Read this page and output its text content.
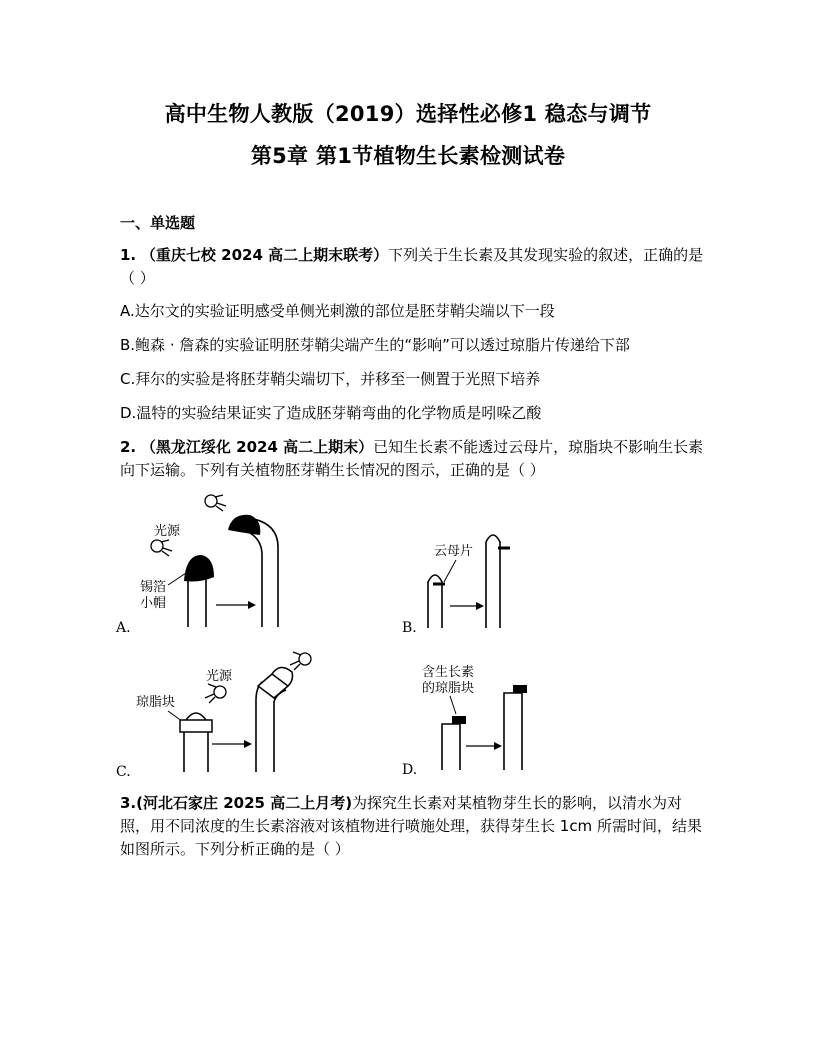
高中生物人教版（2019）选择性必修1 稳态与调节
第5章 第1节植物生长素检测试卷
一、单选题
1. （重庆七校 2024 高二上期末联考）下列关于生长素及其发现实验的叙述，正确的是（ ）
A.达尔文的实验证明感受单侧光刺激的部位是胚芽鞘尖端以下一段
B.鲍森 · 詹森的实验证明胚芽鞘尖端产生的“影响”可以透过琼脂片传递给下部
C.拜尔的实验是将胚芽鞘尖端切下，并移至一侧置于光照下培养
D.温特的实验结果证实了造成胚芽鞘弯曲的化学物质是吲哚乙酸
2. （黑龙江绥化 2024 高二上期末）已知生长素不能透过云母片，琼脂块不影响生长素向下运输。下列有关植物胚芽鞘生长情况的图示，正确的是（ ）
光源
锡箔
小帽
A.
云母片
B.
光源
琼脂块
C.
含生长素
的琼脂块
D.
3.(河北石家庄 2025 高二上月考)为探究生长素对某植物芽生长的影响，以清水为对照，用不同浓度的生长素溶液对该植物进行喷施处理，获得芽生长 1cm 所需时间，结果如图所示。下列分析正确的是（ ）
